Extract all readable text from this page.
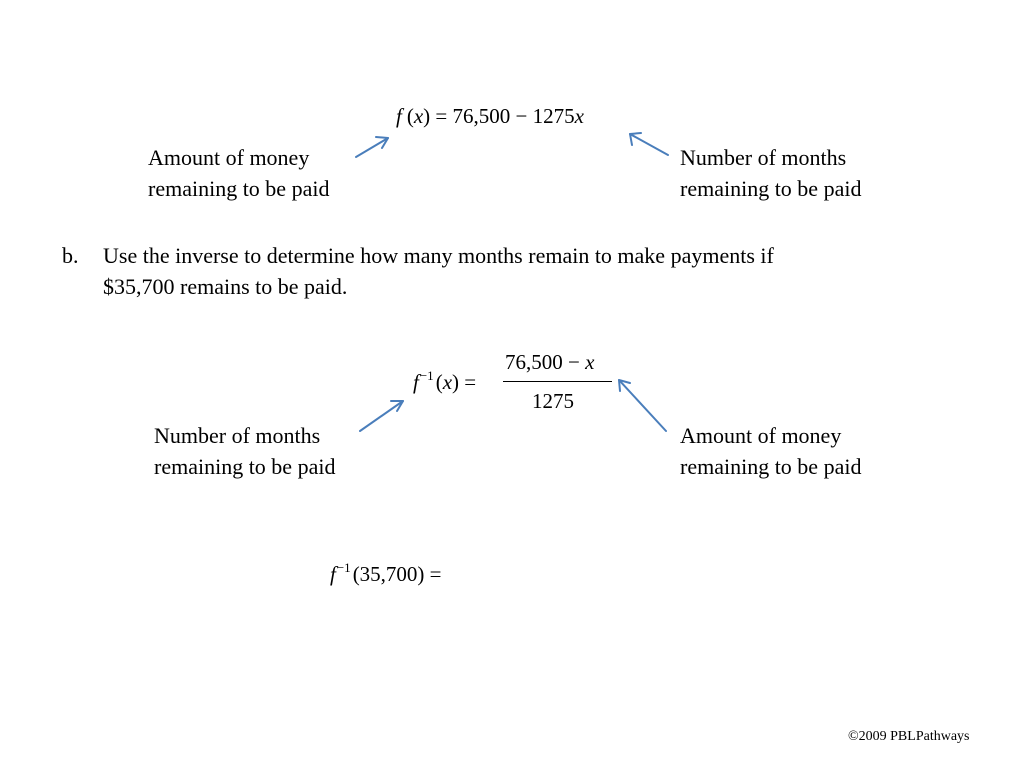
f (x) = 76,500 − 1275x
Amount of money
remaining to be paid
Number of months
remaining to be paid
b. Use the inverse to determine how many months remain to make payments if
$35,700 remains to be paid.
$f^{-1}(x)$ =
76,500 − x
1275
Number of months
remaining to be paid
Amount of money
remaining to be paid
$f^{-1}(35,700)$ =
©2009 PBLPathways
